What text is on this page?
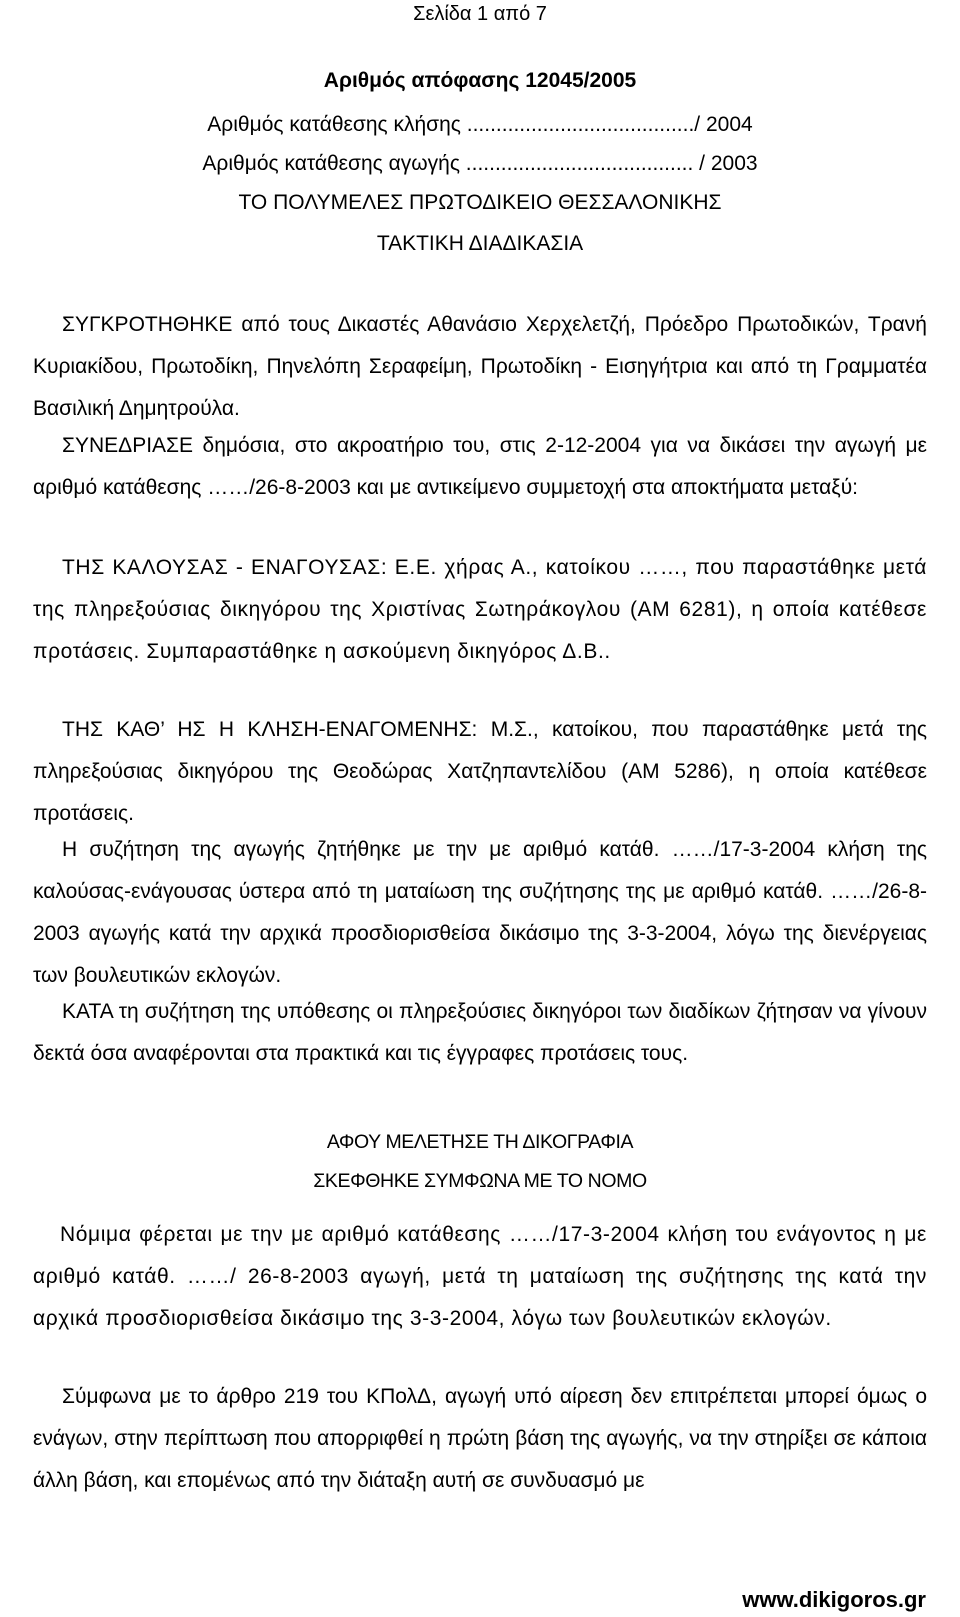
Σελίδα 1 από 7
Αριθμός απόφασης 12045/2005
Αριθμός κατάθεσης κλήσης ......................................./ 2004
Αριθμός κατάθεσης αγωγής ....................................... / 2003
ΤΟ ΠΟΛΥΜΕΛΕΣ ΠΡΩΤΟΔΙΚΕΙΟ ΘΕΣΣΑΛΟΝΙΚΗΣ
ΤΑΚΤΙΚΗ ΔΙΑΔΙΚΑΣΙΑ

ΣΥΓΚΡΟΤΗΘΗΚΕ από τους Δικαστές Αθανάσιο Χερχελετζή, Πρόεδρο Πρωτοδικών, Τρανή Κυριακίδου, Πρωτοδίκη, Πηνελόπη Σεραφείμη, Πρωτοδίκη - Εισηγήτρια και από τη Γραμματέα Βασιλική Δημητρούλα.

ΣΥΝΕΔΡΙΑΣΕ δημόσια, στο ακροατήριο του, στις 2-12-2004 για να δικάσει την αγωγή με αριθμό κατάθεσης ……/26-8-2003 και με αντικείμενο συμμετοχή στα αποκτήματα μεταξύ:

ΤΗΣ ΚΑΛΟΥΣΑΣ - ΕΝΑΓΟΥΣΑΣ: Ε.Ε. χήρας Α., κατοίκου ……, που παραστάθηκε μετά της πληρεξούσιας δικηγόρου της Χριστίνας Σωτηράκογλου (ΑΜ 6281), η οποία κατέθεσε προτάσεις. Συμπαραστάθηκε η ασκούμενη δικηγόρος Δ.Β..

ΤΗΣ ΚΑΘ’ ΗΣ Η ΚΛΗΣΗ-ΕΝΑΓΟΜΕΝΗΣ: Μ.Σ., κατοίκου, που παραστάθηκε μετά της πληρεξούσιας δικηγόρου της Θεοδώρας Χατζηπαντελίδου (ΑΜ 5286), η οποία κατέθεσε προτάσεις.

Η συζήτηση της αγωγής ζητήθηκε με την με αριθμό κατάθ. ……/17-3-2004 κλήση της καλούσας-ενάγουσας ύστερα από τη ματαίωση της συζήτησης της με αριθμό κατάθ. ……/26-8-2003 αγωγής κατά την αρχικά προσδιορισθείσα δικάσιμο της 3-3-2004, λόγω της διενέργειας των βουλευτικών εκλογών.

ΚΑΤΑ τη συζήτηση της υπόθεσης οι πληρεξούσιες δικηγόροι των διαδίκων ζήτησαν να γίνουν δεκτά όσα αναφέρονται στα πρακτικά και τις έγγραφες προτάσεις τους.

ΑΦΟΥ ΜΕΛΕΤΗΣΕ ΤΗ ΔΙΚΟΓΡΑΦΙΑ
ΣΚΕΦΘΗΚΕ ΣΥΜΦΩΝΑ ΜΕ ΤΟ ΝΟΜΟ

Νόμιμα φέρεται με την με αριθμό κατάθεσης ……/17-3-2004 κλήση του ενάγοντος η με αριθμό κατάθ. ……/ 26-8-2003 αγωγή, μετά τη ματαίωση της συζήτησης της κατά την αρχικά προσδιορισθείσα δικάσιμο της 3-3-2004, λόγω των βουλευτικών εκλογών.

Σύμφωνα με το άρθρο 219 του ΚΠολΔ, αγωγή υπό αίρεση δεν επιτρέπεται μπορεί όμως ο ενάγων, στην περίπτωση που απορριφθεί η πρώτη βάση της αγωγής, να την στηρίξει σε κάποια άλλη βάση, και επομένως από την διάταξη αυτή σε συνδυασμό με

www.dikigoros.gr
